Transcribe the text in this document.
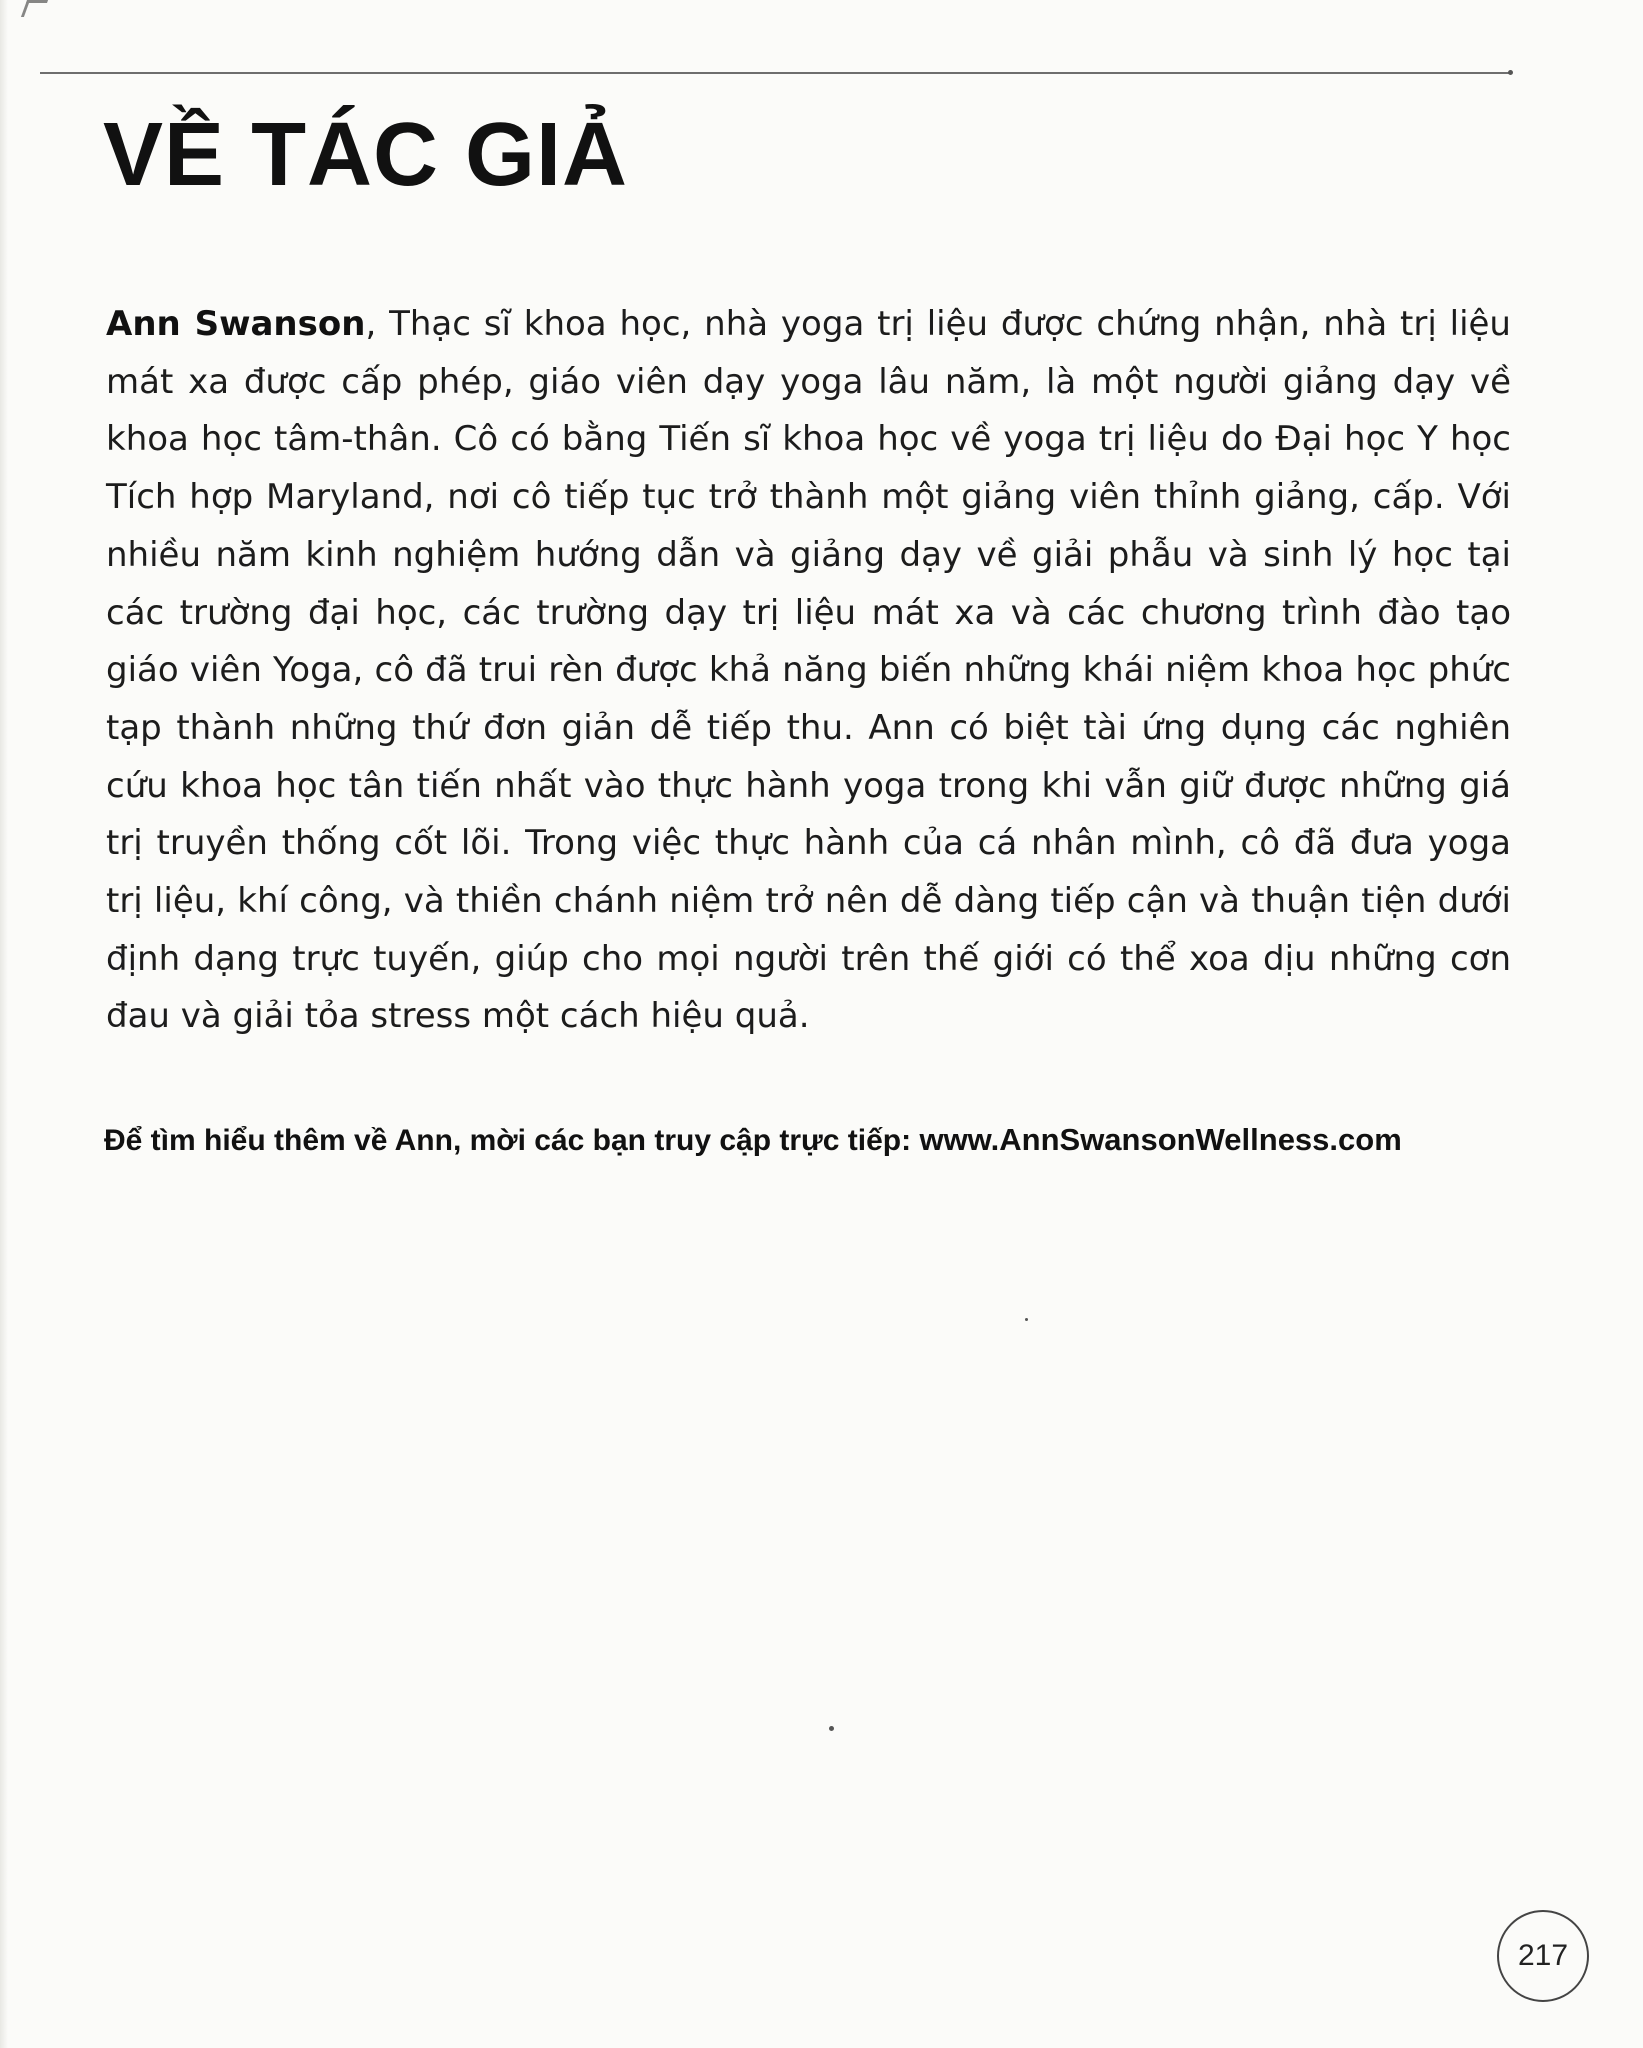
VỀ TÁC GIẢ

Ann Swanson, Thạc sĩ khoa học, nhà yoga trị liệu được chứng nhận, nhà trị liệu mát xa được cấp phép, giáo viên dạy yoga lâu năm, là một người giảng dạy về khoa học tâm-thân. Cô có bằng Tiến sĩ khoa học về yoga trị liệu do Đại học Y học Tích hợp Maryland, nơi cô tiếp tục trở thành một giảng viên thỉnh giảng, cấp. Với nhiều năm kinh nghiệm hướng dẫn và giảng dạy về giải phẫu và sinh lý học tại các trường đại học, các trường dạy trị liệu mát xa và các chương trình đào tạo giáo viên Yoga, cô đã trui rèn được khả năng biến những khái niệm khoa học phức tạp thành những thứ đơn giản dễ tiếp thu. Ann có biệt tài ứng dụng các nghiên cứu khoa học tân tiến nhất vào thực hành yoga trong khi vẫn giữ được những giá trị truyền thống cốt lõi. Trong việc thực hành của cá nhân mình, cô đã đưa yoga trị liệu, khí công, và thiền chánh niệm trở nên dễ dàng tiếp cận và thuận tiện dưới định dạng trực tuyến, giúp cho mọi người trên thế giới có thể xoa dịu những cơn đau và giải tỏa stress một cách hiệu quả.

Để tìm hiểu thêm về Ann, mời các bạn truy cập trực tiếp: www.AnnSwansonWellness.com

217
